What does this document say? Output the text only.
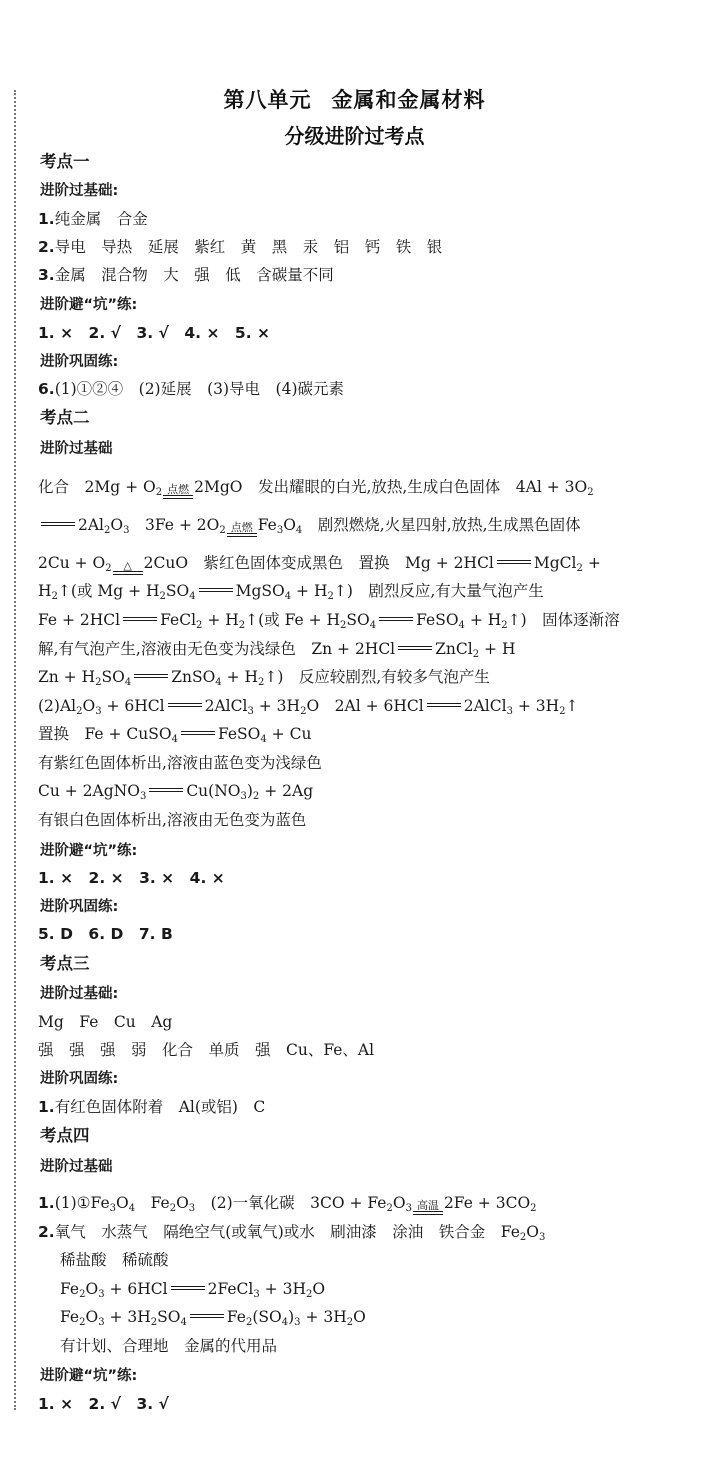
第八单元 金属和金属材料
分级进阶过考点
考点一
进阶过基础:
1.纯金属　合金
2.导电　导热　延展　紫红　黄　黑　汞　铝　钙　铁　银
3.金属　混合物　大　强　低　含碳量不同
进阶避“坑”练:
1. ×　2. √　3. √　4. ×　5. ×
进阶巩固练:
6.(1)①②④　(2)延展　(3)导电　(4)碳元素
考点二
进阶过基础
化合　$2Mg + O_2$ 点燃 2MgO　发出耀眼的白光,放热,生成白色固体　$4Al + 3O_2$
$2Al_2O_3$　$3Fe + 2O_2$ 点燃 $Fe_3O_4$　剧烈燃烧,火星四射,放热,生成黑色固体
$2Cu + O_2$ △ 2CuO　紫红色固体变成黑色　置换　Mg + 2HCl	MgCl$_2$ +
$H_2↑$(或 $Mg + H_2SO_4$	MgSO$_4$ + $H_2↑$)　剧烈反应,有大量气泡产生
Fe + 2HCl	FeCl$_2$ + $H_2↑$(或 $Fe + H_2SO_4$	FeSO$_4$ + $H_2↑$)　固体逐渐溶
解,有气泡产生,溶液由无色变为浅绿色　Zn + 2HCl	ZnCl$_2$ + H
$Zn + H_2SO_4$	ZnSO$_4$ + $H_2↑$)　反应较剧烈,有较多气泡产生
$(2)Al_2O_3 + 6HCl$	2AlCl$_3$ + $3H_2O$　2Al + 6HCl	2AlCl$_3$ + $3H_2↑$
置换　Fe + CuSO$_4$	FeSO$_4$ + Cu
有紫红色固体析出,溶液由蓝色变为浅绿色
Cu + 2AgNO$_3$	$Cu(NO_3)_2 + 2Ag$
有银白色固体析出,溶液由无色变为蓝色
进阶避“坑”练:
1. ×　2. ×　3. ×　4. ×
进阶巩固练:
5. D　6. D　7. B
考点三
进阶过基础:
Mg　Fe　Cu　Ag
强　强　强　弱　化合　单质　强　Cu、Fe、Al
进阶巩固练:
1.有红色固体附着　Al(或铝)　C
考点四
进阶过基础
$1.(1)①Fe_3O_4$　$Fe_2O_3$　(2)一氧化碳　$3CO + Fe_2O_3$ 高温 $2Fe + 3CO_2$
2.氧气　水蒸气　隔绝空气(或氧气)或水　刷油漆　涂油　铁合金　$Fe_2O_3$
稀盐酸　稀硫酸
$Fe_2O_3 + 6HCl$	2FeCl$_3$ + $3H_2O$
$Fe_2O_3 + 3H_2SO_4$	$Fe_2(SO_4)_3 + 3H_2O$
有计划、合理地　金属的代用品
进阶避“坑”练:
1. ×　2. √　3. √
